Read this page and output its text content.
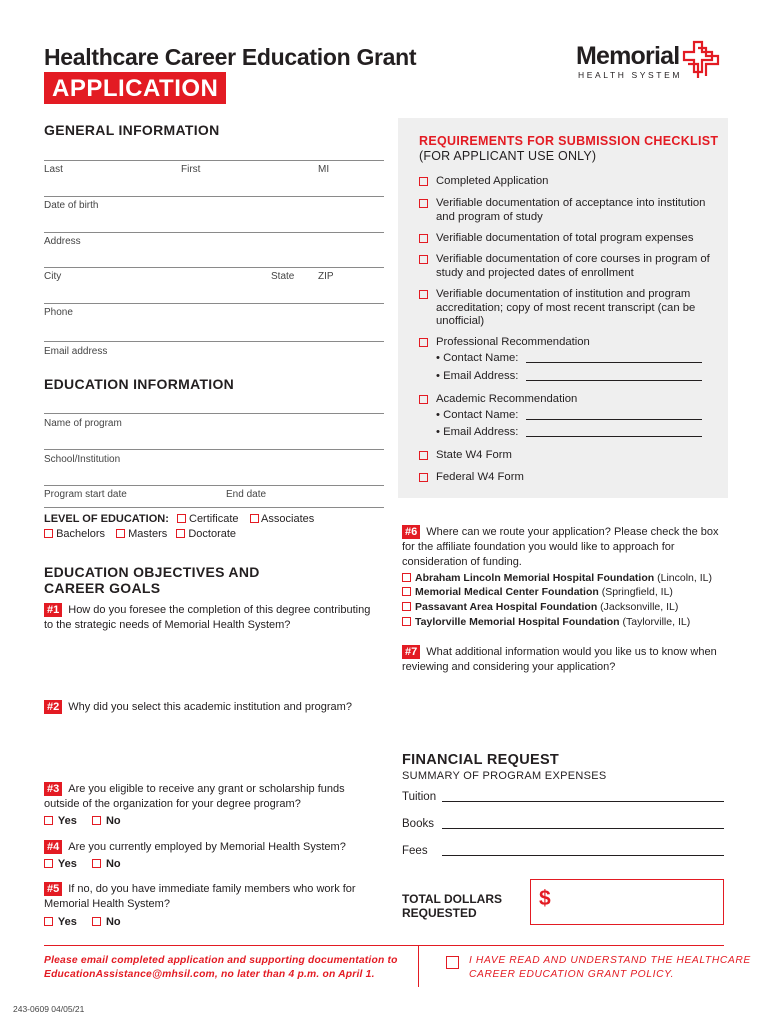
Healthcare Career Education Grant
APPLICATION
Memorial
HEALTH SYSTEM
GENERAL INFORMATION
Last	First	MI
Date of birth
Address
City	State ZIP
Phone
Email address
EDUCATION INFORMATION
Name of program
School/Institution
Program start date	End date
LEVEL OF EDUCATION: Certificate Associates
Bachelors Masters Doctorate
EDUCATION OBJECTIVES AND
CAREER GOALS
#1 How do you foresee the completion of this degree contributing to the strategic needs of Memorial Health System?
#2 Why did you select this academic institution and program?
#3 Are you eligible to receive any grant or scholarship funds outside of the organization for your degree program?
Yes	No
#4 Are you currently employed by Memorial Health System?
Yes	No
#5 If no, do you have immediate family members who work for Memorial Health System?
Yes	No
REQUIREMENTS FOR SUBMISSION CHECKLIST (FOR APPLICANT USE ONLY)
Completed Application
Verifiable documentation of acceptance into institution and program of study
Verifiable documentation of total program expenses
Verifiable documentation of core courses in program of study and projected dates of enrollment
Verifiable documentation of institution and program accreditation; copy of most recent transcript (can be unofficial)
Professional Recommendation
• Contact Name:
• Email Address:
Academic Recommendation
• Contact Name:
• Email Address:
State W4 Form
Federal W4 Form
#6 Where can we route your application? Please check the box for the affiliate foundation you would like to approach for consideration of funding.
Abraham Lincoln Memorial Hospital Foundation (Lincoln, IL)
Memorial Medical Center Foundation (Springfield, IL)
Passavant Area Hospital Foundation (Jacksonville, IL)
Taylorville Memorial Hospital Foundation (Taylorville, IL)
#7 What additional information would you like us to know when reviewing and considering your application?
FINANCIAL REQUEST
SUMMARY OF PROGRAM EXPENSES
Tuition
Books
Fees
TOTAL DOLLARS
REQUESTED
$
Please email completed application and supporting documentation to
EducationAssistance@mhsil.com, no later than 4 p.m. on April 1.
I HAVE READ AND UNDERSTAND THE HEALTHCARE
CAREER EDUCATION GRANT POLICY.
243-0609 04/05/21
